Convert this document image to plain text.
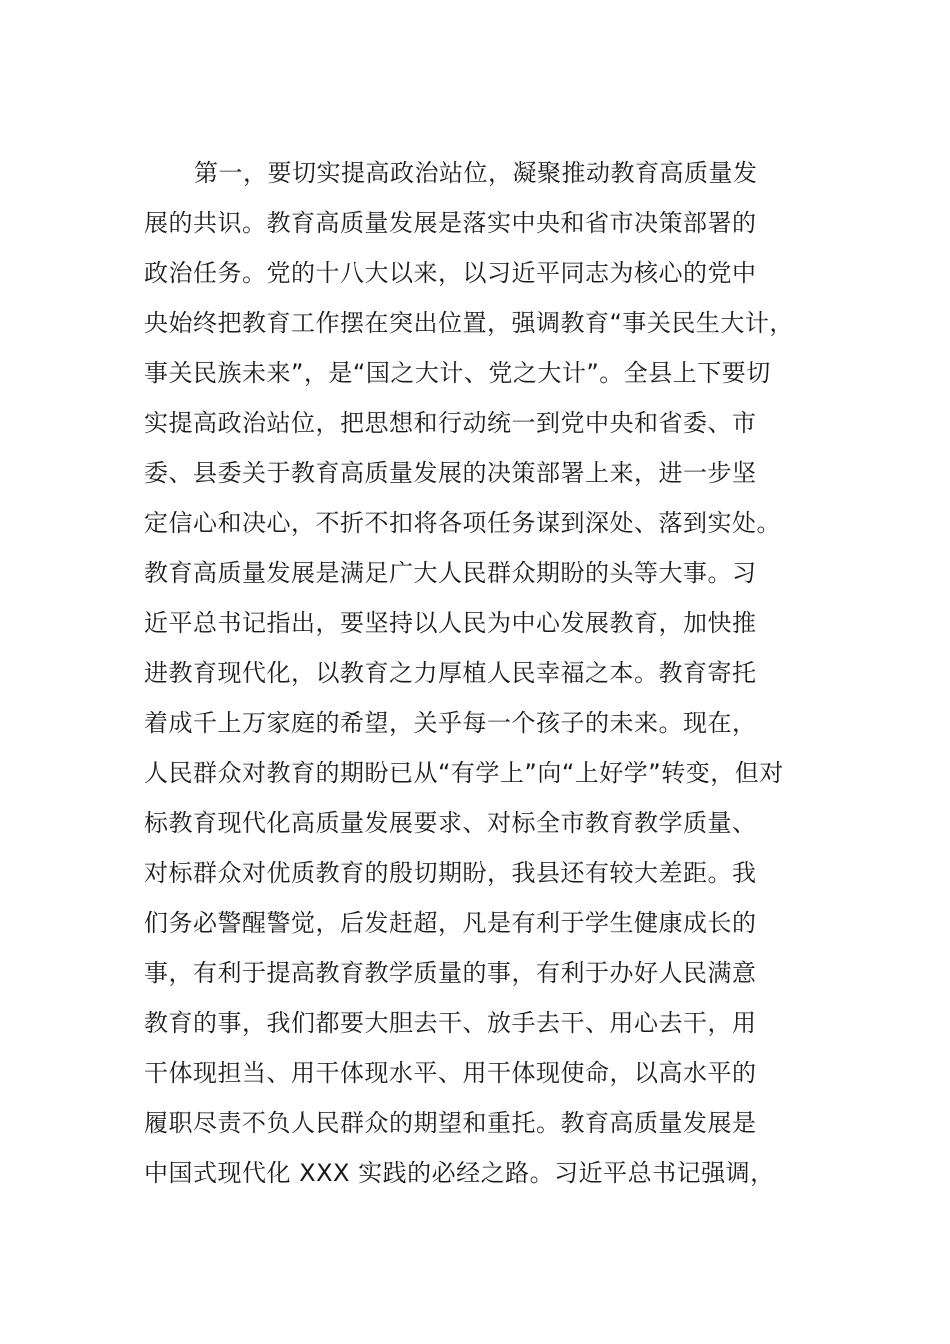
第一，要切实提高政治站位，凝聚推动教育高质量发
展的共识。教育高质量发展是落实中央和省市决策部署的
政治任务。党的十八大以来，以习近平同志为核心的党中
央始终把教育工作摆在突出位置，强调教育“事关民生大计，
事关民族未来”，是“国之大计、党之大计”。全县上下要切
实提高政治站位，把思想和行动统一到党中央和省委、市
委、县委关于教育高质量发展的决策部署上来，进一步坚
定信心和决心，不折不扣将各项任务谋到深处、落到实处。
教育高质量发展是满足广大人民群众期盼的头等大事。习
近平总书记指出，要坚持以人民为中心发展教育，加快推
进教育现代化，以教育之力厚植人民幸福之本。教育寄托
着成千上万家庭的希望，关乎每一个孩子的未来。现在，
人民群众对教育的期盼已从“有学上”向“上好学”转变，但对
标教育现代化高质量发展要求、对标全市教育教学质量、
对标群众对优质教育的殷切期盼，我县还有较大差距。我
们务必警醒警觉，后发赶超，凡是有利于学生健康成长的
事，有利于提高教育教学质量的事，有利于办好人民满意
教育的事，我们都要大胆去干、放手去干、用心去干，用
干体现担当、用干体现水平、用干体现使命，以高水平的
履职尽责不负人民群众的期望和重托。教育高质量发展是
中国式现代化 XXX 实践的必经之路。习近平总书记强调，
